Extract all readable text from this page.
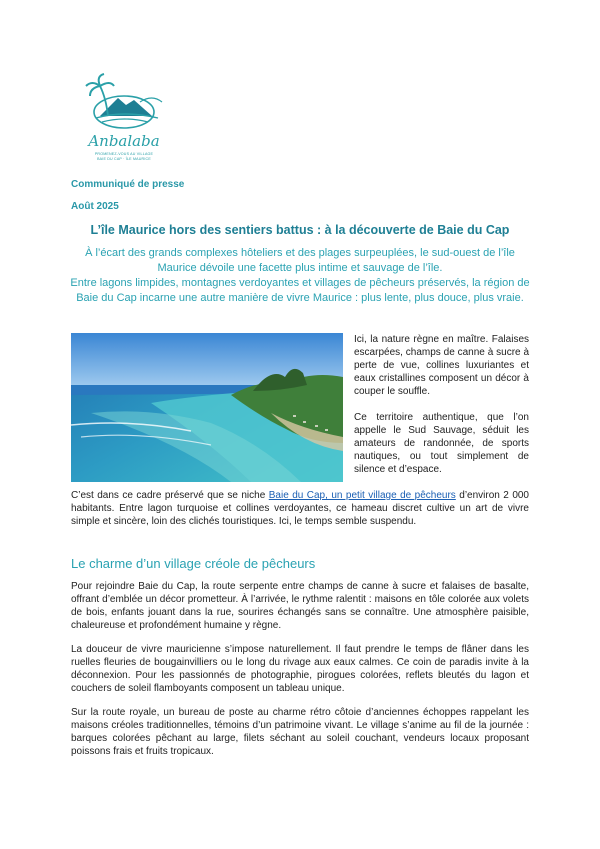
Anbalaba
PROMENEZ-VOUS AU VILLAGE
BAIE DU CAP · ÎLE MAURICE
Communiqué de presse
Août 2025
L’île Maurice hors des sentiers battus : à la découverte de Baie du Cap

À l’écart des grands complexes hôteliers et des plages surpeuplées, le sud-ouest de l’île Maurice dévoile une facette plus intime et sauvage de l’île.

Entre lagons limpides, montagnes verdoyantes et villages de pêcheurs préservés, la région de Baie du Cap incarne une autre manière de vivre Maurice : plus lente, plus douce, plus vraie.

Ici, la nature règne en maître. Falaises escarpées, champs de canne à sucre à perte de vue, collines luxuriantes et eaux cristallines composent un décor à couper le souffle.

Ce territoire authentique, que l’on appelle le Sud Sauvage, séduit les amateurs de randonnée, de sports nautiques, ou tout simplement de silence et d’espace.

C’est dans ce cadre préservé que se niche Baie du Cap, un petit village de pêcheurs d’environ 2 000 habitants. Entre lagon turquoise et collines verdoyantes, ce hameau discret cultive un art de vivre simple et sincère, loin des clichés touristiques. Ici, le temps semble suspendu.

Le charme d’un village créole de pêcheurs

Pour rejoindre Baie du Cap, la route serpente entre champs de canne à sucre et falaises de basalte, offrant d’emblée un décor prometteur. À l’arrivée, le rythme ralentit : maisons en tôle colorée aux volets de bois, enfants jouant dans la rue, sourires échangés sans se connaître. Une atmosphère paisible, chaleureuse et profondément humaine y règne.

La douceur de vivre mauricienne s’impose naturellement. Il faut prendre le temps de flâner dans les ruelles fleuries de bougainvilliers ou le long du rivage aux eaux calmes. Ce coin de paradis invite à la déconnexion. Pour les passionnés de photographie, pirogues colorées, reflets bleutés du lagon et couchers de soleil flamboyants composent un tableau unique.

Sur la route royale, un bureau de poste au charme rétro côtoie d’anciennes échoppes rappelant les maisons créoles traditionnelles, témoins d’un patrimoine vivant. Le village s’anime au fil de la journée : barques colorées pêchant au large, filets séchant au soleil couchant, vendeurs locaux proposant poissons frais et fruits tropicaux.
